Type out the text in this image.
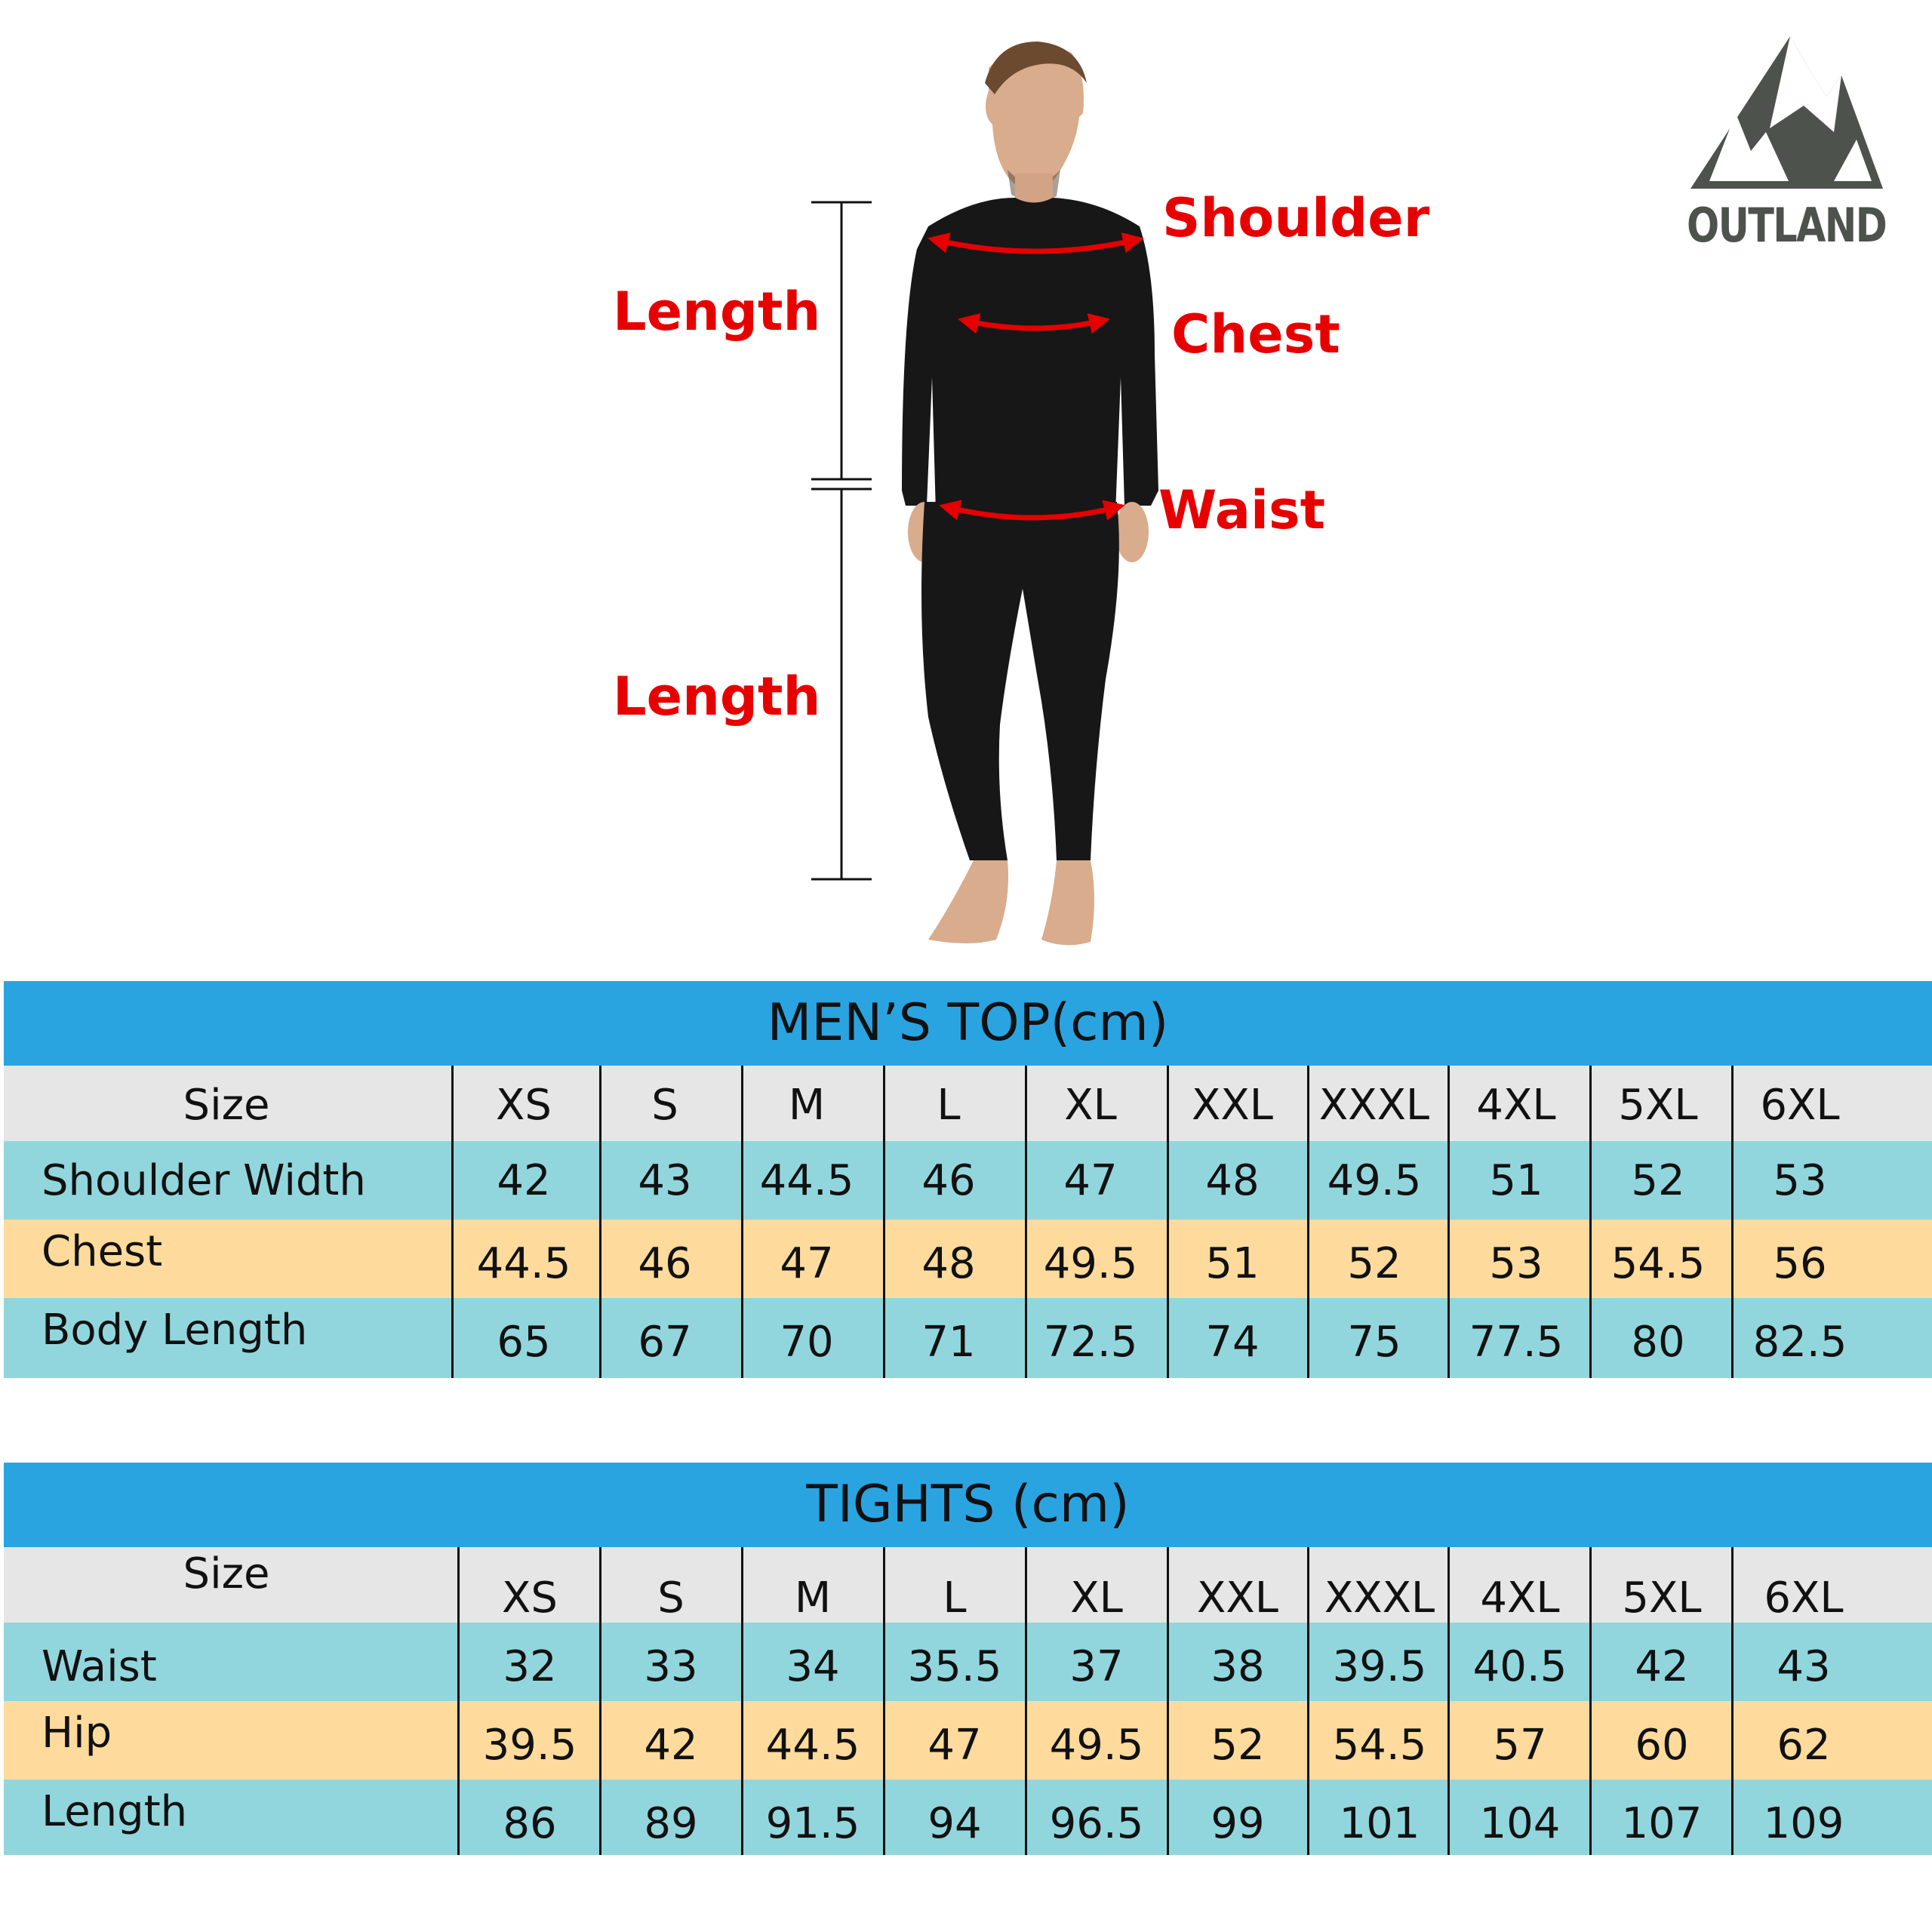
Shoulder
Chest
Waist
Length
Length
OUTLAND
MEN’S TOP(cm)
Size	XS	S	M	L	XL	XXL	XXXL	4XL	5XL	6XL
Shoulder Width	42	43	44.5	46	47	48	49.5	51	52	53
Chest	44.5	46	47	48	49.5	51	52	53	54.5	56
Body Length	65	67	70	71	72.5	74	75	77.5	80	82.5
TIGHTS (cm)
Size	XS	S	M	L	XL	XXL	XXXL	4XL	5XL	6XL
Waist	32	33	34	35.5	37	38	39.5	40.5	42	43
Hip	39.5	42	44.5	47	49.5	52	54.5	57	60	62
Length	86	89	91.5	94	96.5	99	101	104	107	109
